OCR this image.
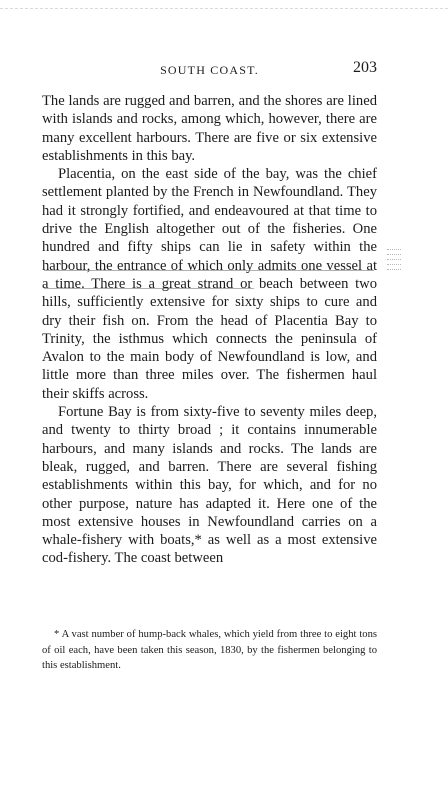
SOUTH COAST.	203

The lands are rugged and barren, and the shores are lined with islands and rocks, among which, however, there are many excellent harbours. There are five or six extensive establishments in this bay.

Placentia, on the east side of the bay, was the chief settlement planted by the French in Newfoundland. They had it strongly fortified, and endeavoured at that time to drive the English altogether out of the fisheries. One hundred and fifty ships can lie in safety within the harbour, the entrance of which only admits one vessel at a time. There is a great strand or beach between two hills, sufficiently extensive for sixty ships to cure and dry their fish on. From the head of Placentia Bay to Trinity, the isthmus which connects the peninsula of Avalon to the main body of Newfoundland is low, and little more than three miles over. The fishermen haul their skiffs across.

Fortune Bay is from sixty-five to seventy miles deep, and twenty to thirty broad ; it contains innumerable harbours, and many islands and rocks. The lands are bleak, rugged, and barren. There are several fishing establishments within this bay, for which, and for no other purpose, nature has adapted it. Here one of the most extensive houses in Newfoundland carries on a whale-fishery with boats,* as well as a most extensive cod-fishery. The coast between

* A vast number of hump-back whales, which yield from three to eight tons of oil each, have been taken this season, 1830, by the fishermen belonging to this establishment.
